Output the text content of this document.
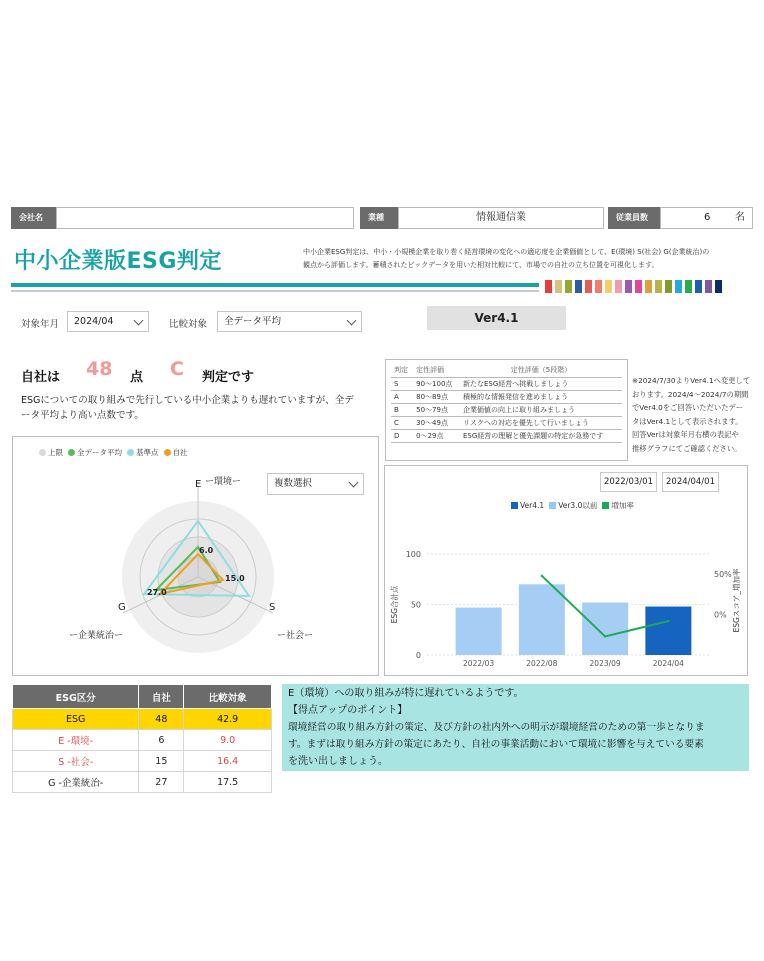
会社名	業種	情報通信業	従業員数	6 名
中小企業版ESG判定	中小企業ESG判定は、中小・小規模企業を取り巻く経営環境の変化への適応度を企業価値として、E(環境) S(社会) G(企業統治)の
観点から評価します。蓄積されたビックデータを用いた相対比較にて、市場での自社の立ち位置を可視化します。
対象年月	2024/04	比較対象	全データ平均	Ver4.1
自社は 48 点 C 判定です
ESGについての取り組みで先行している中小企業よりも遅れていますが、全デ
ータ平均より高い点数です。
判定	定性評価	定性評価（5段階）
S	90〜100点	新たなESG経営へ挑戦しましょう
A	80〜89点	積極的な情報発信を進めましょう
B	50〜79点	企業価値の向上に取り組みましょう
C	30〜49点	リスクへの対応を優先して行いましょう
D	0〜29点	ESG経営の理解と優先課題の特定が急務です
※2024/7/30よりVer4.1へ変更して
おります。2024/4〜2024/7の期間
でVer4.0をご回答いただいたデー
タはVer4.1として表示されます。
回答Verは対象年月右横の表記や
推移グラフにてご確認ください。
上限 全データ平均 基準点 自社
複数選択
6.0
15.0
27.0
E ー環境ー
S
ー社会ー
G
ー企業統治ー
2022/03/01	2024/04/01
Ver4.1 Ver3.0以前 増加率
100
50
0
50%
0%
ESG合計点	ESGスコア_増加率
2022/03	2022/08	2023/09	2024/04
ESG区分	自社	比較対象
ESG	48	42.9
E -環境-	6	9.0
S -社会-	15	16.4
G -企業統治-	27	17.5
E（環境）への取り組みが特に遅れているようです。
【得点アップのポイント】
環境経営の取り組み方針の策定、及び方針の社内外への明示が環境経営のための第一歩となりま
す。まずは取り組み方針の策定にあたり、自社の事業活動において環境に影響を与えている要素
を洗い出しましょう。
